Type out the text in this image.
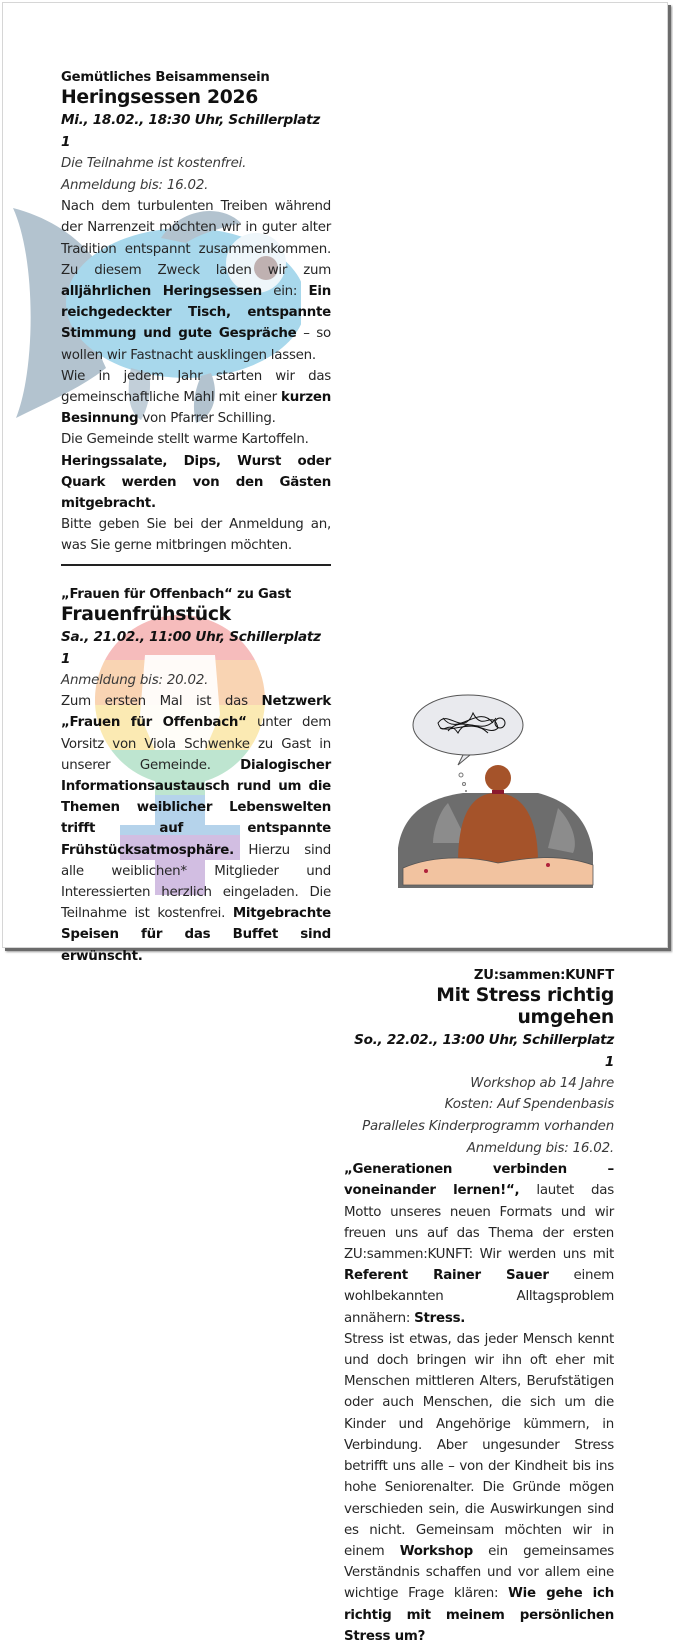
Gemütliches Beisammensein
Heringsessen 2026
Mi., 18.02., 18:30 Uhr, Schillerplatz 1
Die Teilnahme ist kostenfrei.
Anmeldung bis: 16.02.

Nach dem turbulenten Treiben während der Narrenzeit möchten wir in guter alter Tradition entspannt zusammenkommen. Zu diesem Zweck laden wir zum alljährlichen Heringsessen ein: Ein reichgedeckter Tisch, entspannte Stimmung und gute Gespräche – so wollen wir Fastnacht ausklingen lassen.

Wie in jedem Jahr starten wir das gemeinschaftliche Mahl mit einer kurzen Besinnung von Pfarrer Schilling.

Die Gemeinde stellt warme Kartoffeln.

Heringssalate, Dips, Wurst oder Quark werden von den Gästen mitgebracht.

Bitte geben Sie bei der Anmeldung an, was Sie gerne mitbringen möchten.

„Frauen für Offenbach“ zu Gast
Frauenfrühstück
Sa., 21.02., 11:00 Uhr, Schillerplatz 1
Anmeldung bis: 20.02.

Zum ersten Mal ist das Netzwerk „Frauen für Offenbach“ unter dem Vorsitz von Viola Schwenke zu Gast in unserer Gemeinde. Dialogischer Informationsaustausch rund um die Themen weiblicher Lebenswelten trifft auf entspannte Frühstücksatmosphäre. Hierzu sind alle weiblichen* Mitglieder und Interessierten herzlich eingeladen. Die Teilnahme ist kostenfrei. Mitgebrachte Speisen für das Buffet sind erwünscht.

ZU:sammen:KUNFT
Mit Stress richtig umgehen
So., 22.02., 13:00 Uhr, Schillerplatz 1
Workshop ab 14 Jahre
Kosten: Auf Spendenbasis
Paralleles Kinderprogramm vorhanden
Anmeldung bis: 16.02.

„Generationen verbinden – voneinander lernen!“, lautet das Motto unseres neuen Formats und wir freuen uns auf das Thema der ersten ZU:sammen:KUNFT: Wir werden uns mit Referent Rainer Sauer einem wohlbekannten Alltagsproblem annähern: Stress.

Stress ist etwas, das jeder Mensch kennt und doch bringen wir ihn oft eher mit Menschen mittleren Alters, Berufstätigen oder auch Menschen, die sich um die Kinder und Angehörige kümmern, in Verbindung. Aber ungesunder Stress betrifft uns alle – von der Kindheit bis ins hohe Seniorenalter. Die Gründe mögen verschieden sein, die Auswirkungen sind es nicht. Gemeinsam möchten wir in einem Workshop ein gemeinsames Verständnis schaffen und vor allem eine wichtige Frage klären: Wie gehe ich richtig mit meinem persönlichen Stress um?
